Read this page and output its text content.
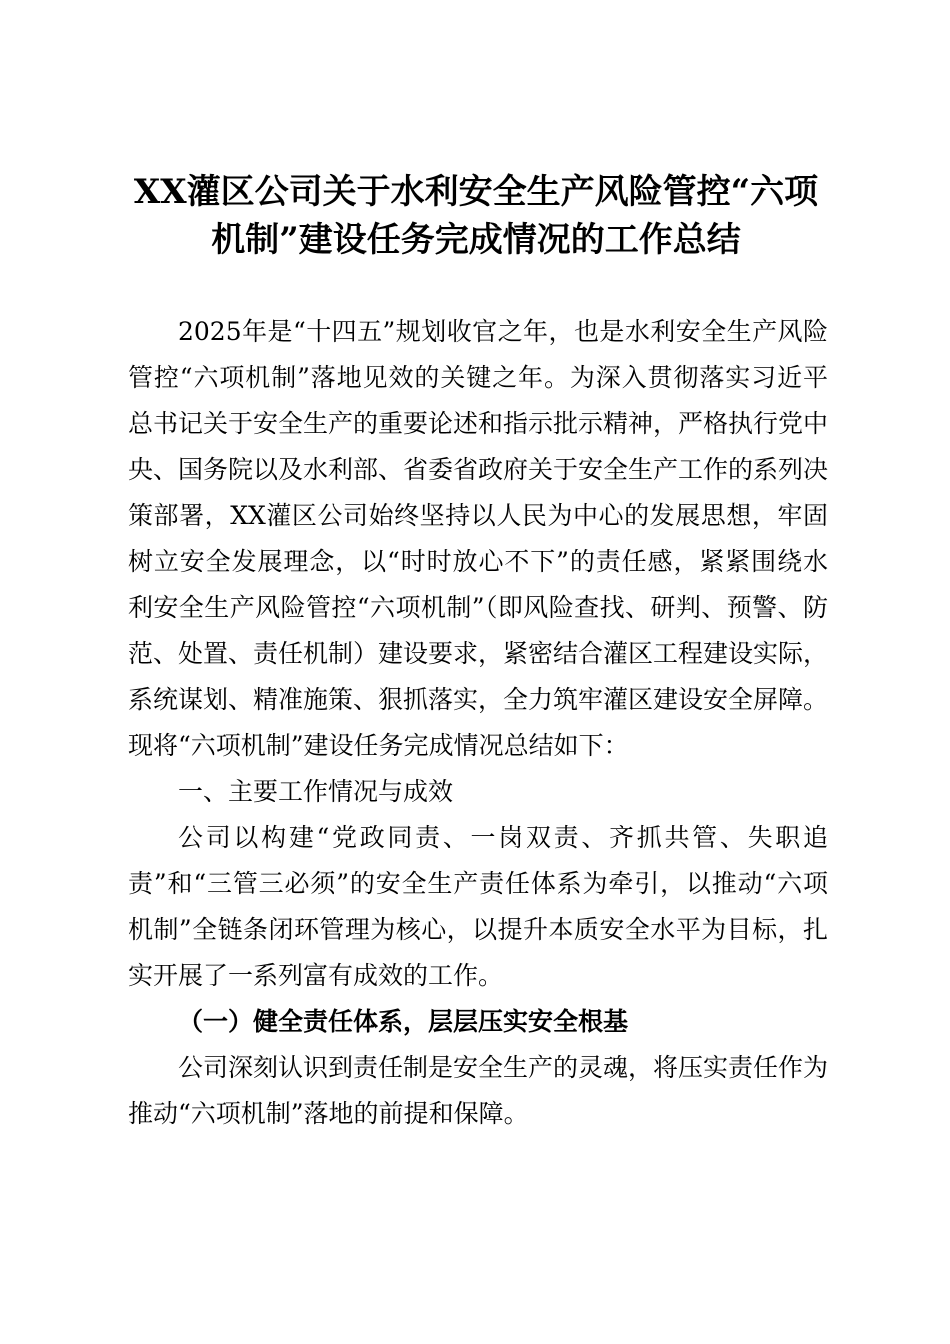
XX灌区公司关于水利安全生产风险管控“六项机制”建设任务完成情况的工作总结

2025年是“十四五”规划收官之年，也是水利安全生产风险管控“六项机制”落地见效的关键之年。为深入贯彻落实习近平总书记关于安全生产的重要论述和指示批示精神，严格执行党中央、国务院以及水利部、省委省政府关于安全生产工作的系列决策部署，XX灌区公司始终坚持以人民为中心的发展思想，牢固树立安全发展理念，以“时时放心不下”的责任感，紧紧围绕水利安全生产风险管控“六项机制”（即风险查找、研判、预警、防范、处置、责任机制）建设要求，紧密结合灌区工程建设实际，系统谋划、精准施策、狠抓落实，全力筑牢灌区建设安全屏障。现将“六项机制”建设任务完成情况总结如下：

一、主要工作情况与成效

公司以构建“党政同责、一岗双责、齐抓共管、失职追责”和“三管三必须”的安全生产责任体系为牵引，以推动“六项机制”全链条闭环管理为核心，以提升本质安全水平为目标，扎实开展了一系列富有成效的工作。

（一）健全责任体系，层层压实安全根基

公司深刻认识到责任制是安全生产的灵魂，将压实责任作为推动“六项机制”落地的前提和保障。
